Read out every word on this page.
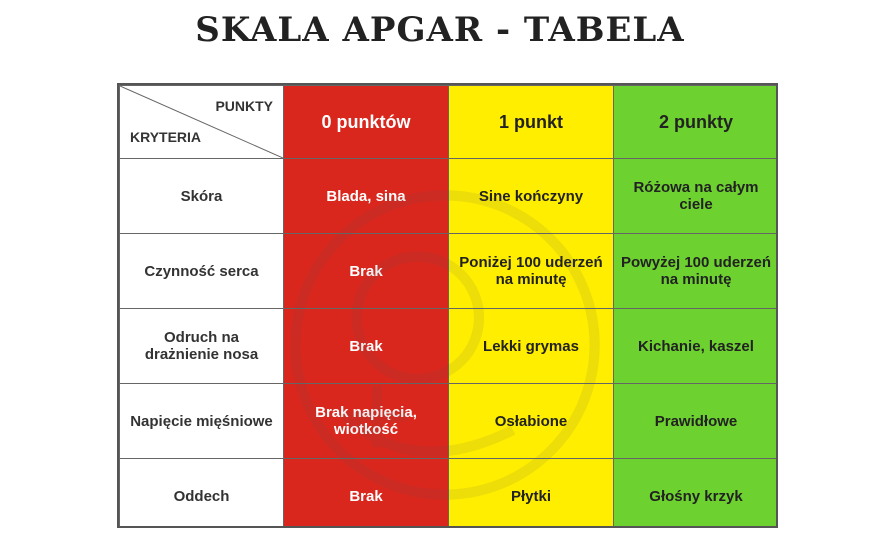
SKALA APGAR - TABELA
PUNKTY
KRYTERIA	0 punktów	1 punkt	2 punkty
Skóra	Blada, sina	Sine kończyny	Różowa na całym ciele
Czynność serca	Brak	Poniżej 100 uderzeń na minutę	Powyżej 100 uderzeń na minutę
Odruch na drażnienie nosa	Brak	Lekki grymas	Kichanie, kaszel
Napięcie mięśniowe	Brak napięcia, wiotkość	Osłabione	Prawidłowe
Oddech	Brak	Płytki	Głośny krzyk
